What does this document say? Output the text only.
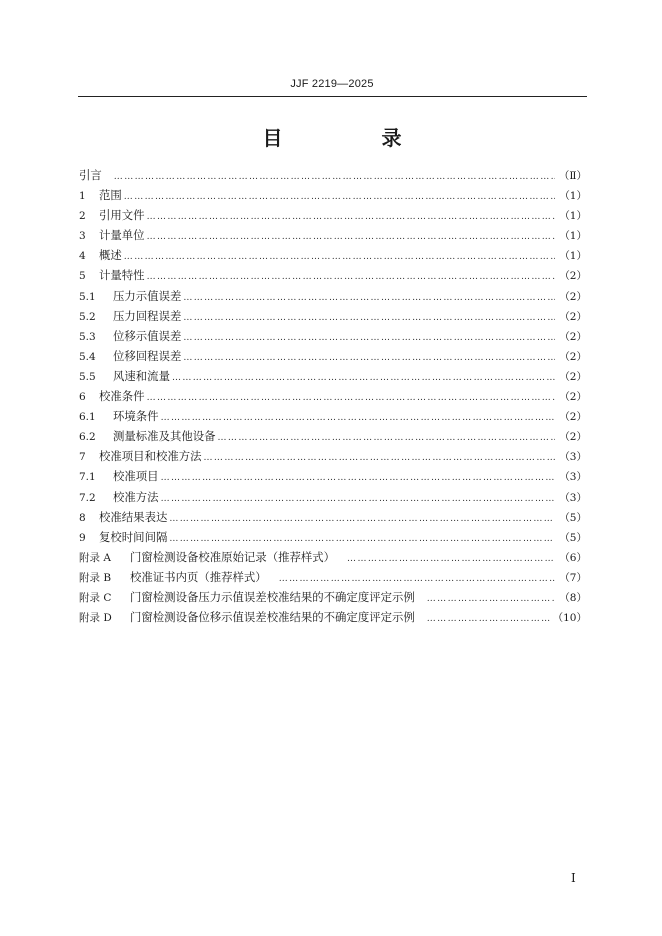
JJF 2219—2025
目 录
引言 ……………………………………………………………………………………………………………………………………………………………………………………………………	（Ⅱ）
1	范围 ……………………………………………………………………………………………………………………………………………………………………………………………………	（1）
2	引用文件 ……………………………………………………………………………………………………………………………………………………………………………………………………	（1）
3	计量单位 ……………………………………………………………………………………………………………………………………………………………………………………………………	（1）
4	概述 ……………………………………………………………………………………………………………………………………………………………………………………………………	（1）
5	计量特性 ……………………………………………………………………………………………………………………………………………………………………………………………………	（2）
5.1	压力示值误差 ……………………………………………………………………………………………………………………………………………………………………………………………………	（2）
5.2	压力回程误差 ……………………………………………………………………………………………………………………………………………………………………………………………………	（2）
5.3	位移示值误差 ……………………………………………………………………………………………………………………………………………………………………………………………………	（2）
5.4	位移回程误差 ……………………………………………………………………………………………………………………………………………………………………………………………………	（2）
5.5	风速和流量 ……………………………………………………………………………………………………………………………………………………………………………………………………	（2）
6	校准条件 ……………………………………………………………………………………………………………………………………………………………………………………………………	（2）
6.1	环境条件 ……………………………………………………………………………………………………………………………………………………………………………………………………	（2）
6.2	测量标准及其他设备 ……………………………………………………………………………………………………………………………………………………………………………………………………	（2）
7	校准项目和校准方法 ……………………………………………………………………………………………………………………………………………………………………………………………………	（3）
7.1	校准项目 ……………………………………………………………………………………………………………………………………………………………………………………………………	（3）
7.2	校准方法 ……………………………………………………………………………………………………………………………………………………………………………………………………	（3）
8	校准结果表达 ……………………………………………………………………………………………………………………………………………………………………………………………………	（5）
9	复校时间间隔 ……………………………………………………………………………………………………………………………………………………………………………………………………	（5）
附录 A	门窗检测设备校准原始记录（推荐样式） ……………………………………………………………………………………………………………………………………………………………………………………………………	（6）
附录 B	校准证书内页（推荐样式） ……………………………………………………………………………………………………………………………………………………………………………………………………	（7）
附录 C	门窗检测设备压力示值误差校准结果的不确定度评定示例 ……………………………………………………………………………………………………………………………………………………………………………………………………	（8）
附录 D	门窗检测设备位移示值误差校准结果的不确定度评定示例 ……………………………………………………………………………………………………………………………………………………………………………………………………	（10）
Ⅰ
